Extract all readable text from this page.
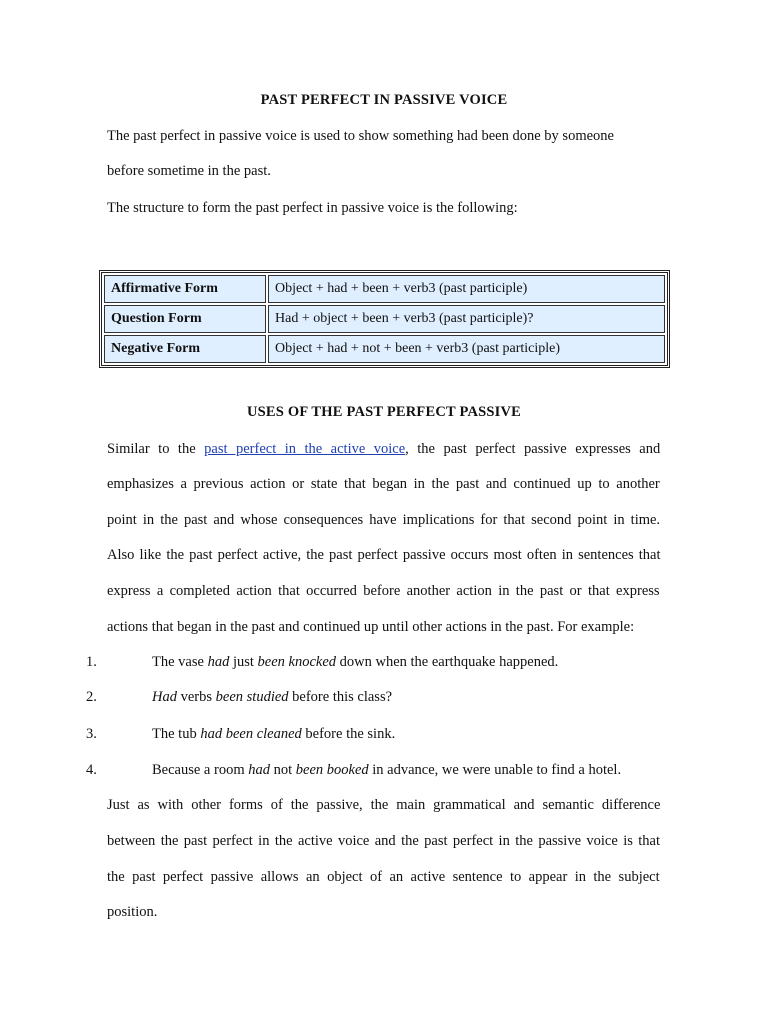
PAST PERFECT IN PASSIVE VOICE
The past perfect in passive voice is used to show something had been done by someone
before sometime in the past.
The structure to form the past perfect in passive voice is the following:
Affirmative Form	Object + had + been + verb3 (past participle)
Question Form	Had + object + been + verb3 (past participle)?
Negative Form	Object + had + not + been + verb3 (past participle)
USES OF THE PAST PERFECT PASSIVE
Similar to the past perfect in the active voice, the past perfect passive expresses and
emphasizes a previous action or state that began in the past and continued up to another
point in the past and whose consequences have implications for that second point in time.
Also like the past perfect active, the past perfect passive occurs most often in sentences that
express a completed action that occurred before another action in the past or that express
actions that began in the past and continued up until other actions in the past. For example:
1.	The vase had just been knocked down when the earthquake happened.
2.	Had verbs been studied before this class?
3.	The tub had been cleaned before the sink.
4.	Because a room had not been booked in advance, we were unable to find a hotel.
Just as with other forms of the passive, the main grammatical and semantic difference
between the past perfect in the active voice and the past perfect in the passive voice is that
the past perfect passive allows an object of an active sentence to appear in the subject
position.
